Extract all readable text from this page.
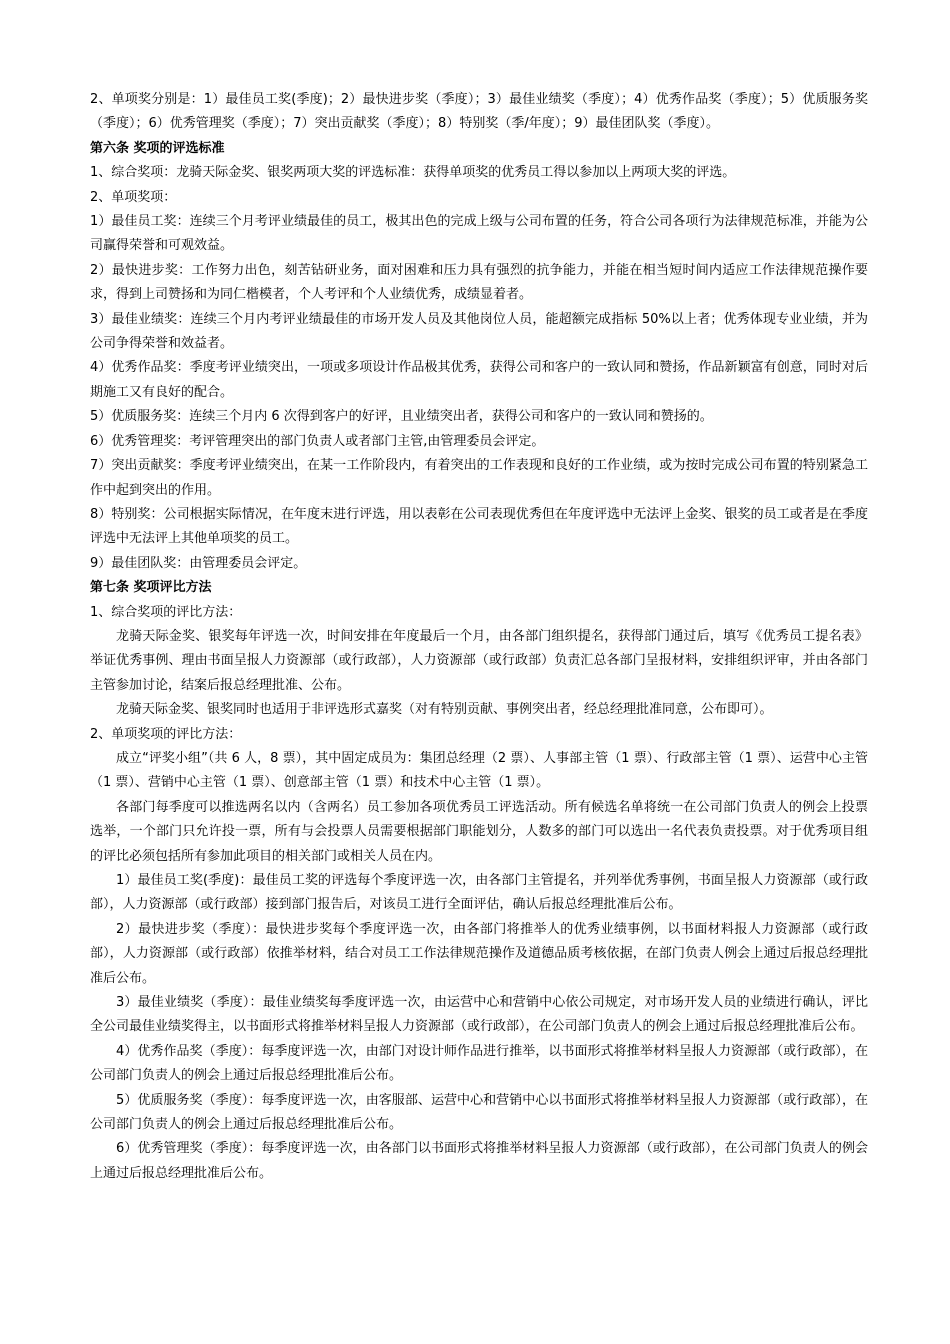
2、单项奖分别是：1）最佳员工奖(季度)；2）最快进步奖（季度）；3）最佳业绩奖（季度）；4）优秀作品奖（季度）；5）优质服务奖（季度）；6）优秀管理奖（季度）；7）突出贡献奖（季度）；8）特别奖（季/年度）；9）最佳团队奖（季度）。

第六条 奖项的评选标准

1、综合奖项：龙骑天际金奖、银奖两项大奖的评选标准：获得单项奖的优秀员工得以参加以上两项大奖的评选。

2、单项奖项：

1）最佳员工奖：连续三个月考评业绩最佳的员工，极其出色的完成上级与公司布置的任务，符合公司各项行为法律规范标准，并能为公司赢得荣誉和可观效益。

2）最快进步奖：工作努力出色，刻苦钻研业务，面对困难和压力具有强烈的抗争能力，并能在相当短时间内适应工作法律规范操作要求，得到上司赞扬和为同仁楷模者，个人考评和个人业绩优秀，成绩显着者。

3）最佳业绩奖：连续三个月内考评业绩最佳的市场开发人员及其他岗位人员，能超额完成指标 50%以上者；优秀体现专业业绩，并为公司争得荣誉和效益者。

4）优秀作品奖：季度考评业绩突出，一项或多项设计作品极其优秀，获得公司和客户的一致认同和赞扬，作品新颖富有创意，同时对后期施工又有良好的配合。

5）优质服务奖：连续三个月内 6 次得到客户的好评，且业绩突出者，获得公司和客户的一致认同和赞扬的。

6）优秀管理奖：考评管理突出的部门负责人或者部门主管,由管理委员会评定。

7）突出贡献奖：季度考评业绩突出，在某一工作阶段内，有着突出的工作表现和良好的工作业绩，或为按时完成公司布置的特别紧急工作中起到突出的作用。

8）特别奖：公司根据实际情况，在年度末进行评选，用以表彰在公司表现优秀但在年度评选中无法评上金奖、银奖的员工或者是在季度评选中无法评上其他单项奖的员工。

9）最佳团队奖：由管理委员会评定。

第七条 奖项评比方法

1、综合奖项的评比方法：

龙骑天际金奖、银奖每年评选一次，时间安排在年度最后一个月，由各部门组织提名，获得部门通过后，填写《优秀员工提名表》举证优秀事例、理由书面呈报人力资源部（或行政部），人力资源部（或行政部）负责汇总各部门呈报材料，安排组织评审，并由各部门主管参加讨论，结案后报总经理批准、公布。

龙骑天际金奖、银奖同时也适用于非评选形式嘉奖（对有特别贡献、事例突出者，经总经理批准同意，公布即可）。

2、单项奖项的评比方法：

成立“评奖小组”（共 6 人，8 票），其中固定成员为：集团总经理（2 票）、人事部主管（1 票）、行政部主管（1 票）、运营中心主管（1 票）、营销中心主管（1 票）、创意部主管（1 票）和技术中心主管（1 票）。

各部门每季度可以推选两名以内（含两名）员工参加各项优秀员工评选活动。所有候选名单将统一在公司部门负责人的例会上投票选举，一个部门只允许投一票，所有与会投票人员需要根据部门职能划分，人数多的部门可以选出一名代表负责投票。对于优秀项目组的评比必须包括所有参加此项目的相关部门或相关人员在内。

1）最佳员工奖(季度)：最佳员工奖的评选每个季度评选一次，由各部门主管提名，并列举优秀事例，书面呈报人力资源部（或行政部），人力资源部（或行政部）接到部门报告后，对该员工进行全面评估，确认后报总经理批准后公布。

2）最快进步奖（季度）：最快进步奖每个季度评选一次，由各部门将推举人的优秀业绩事例，以书面材料报人力资源部（或行政部），人力资源部（或行政部）依推举材料，结合对员工工作法律规范操作及道德品质考核依据，在部门负责人例会上通过后报总经理批准后公布。

3）最佳业绩奖（季度）：最佳业绩奖每季度评选一次，由运营中心和营销中心依公司规定，对市场开发人员的业绩进行确认，评比全公司最佳业绩奖得主，以书面形式将推举材料呈报人力资源部（或行政部），在公司部门负责人的例会上通过后报总经理批准后公布。

4）优秀作品奖（季度）：每季度评选一次，由部门对设计师作品进行推举，以书面形式将推举材料呈报人力资源部（或行政部），在公司部门负责人的例会上通过后报总经理批准后公布。

5）优质服务奖（季度）：每季度评选一次，由客服部、运营中心和营销中心以书面形式将推举材料呈报人力资源部（或行政部），在公司部门负责人的例会上通过后报总经理批准后公布。

6）优秀管理奖（季度）：每季度评选一次，由各部门以书面形式将推举材料呈报人力资源部（或行政部），在公司部门负责人的例会上通过后报总经理批准后公布。
